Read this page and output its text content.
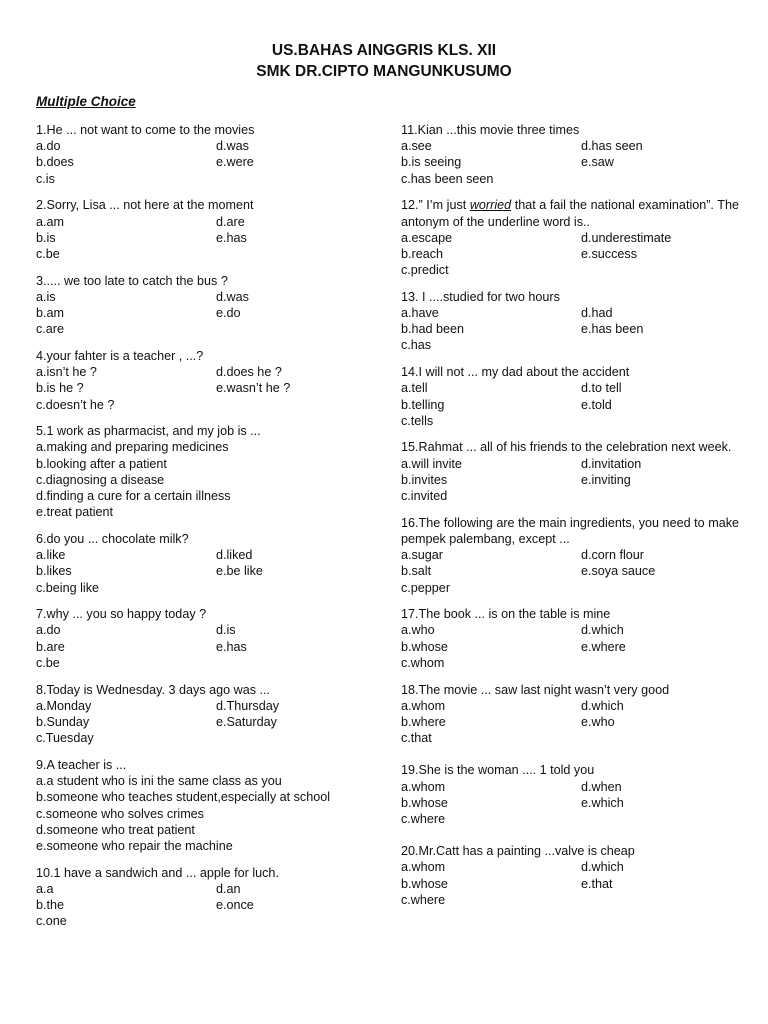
US.BAHAS AINGGRIS KLS. XII
SMK DR.CIPTO MANGUNKUSUMO
Multiple Choice
1.He ... not want to come to the movies
a.do	d.was
b.does	e.were
c.is
2.Sorry, Lisa ... not here at the moment
a.am	d.are
b.is	e.has
c.be
3..... we too late to catch the bus ?
a.is	d.was
b.am	e.do
c.are
4.your fahter is a teacher , ...?
a.isn’t he ?	d.does he ?
b.is he ?	e.wasn’t he ?
c.doesn’t he ?
5.1 work as pharmacist, and my job is ...
a.making and preparing medicines
b.looking after a patient
c.diagnosing a disease
d.finding a cure for a certain illness
e.treat patient
6.do you ... chocolate milk?
a.like	d.liked
b.likes	e.be like
c.being like
7.why ... you so happy today ?
a.do	d.is
b.are	e.has
c.be
8.Today is Wednesday. 3 days ago was ...
a.Monday	d.Thursday
b.Sunday	e.Saturday
c.Tuesday
9.A teacher is ...
a.a student who is ini the same class as you
b.someone who teaches student,especially at school
c.someone who solves crimes
d.someone who treat patient
e.someone who repair the machine
10.1 have a sandwich and ... apple for luch.
a.a	d.an
b.the	e.once
c.one
11.Kian ...this movie three times
a.see	d.has seen
b.is seeing	e.saw
c.has been seen
12.” I’m just worried that a fail the national examination”. The antonym of the underline word is..
a.escape	d.underestimate
b.reach	e.success
c.predict
13. I ....studied for two hours
a.have	d.had
b.had been	e.has been
c.has
14.I will not ... my dad about the accident
a.tell	d.to tell
b.telling	e.told
c.tells
15.Rahmat ... all of his friends to the celebration next week.
a.will invite	d.invitation
b.invites	e.inviting
c.invited
16.The following are the main ingredients, you need to make pempek palembang, except ...
a.sugar	d.corn flour
b.salt	e.soya sauce
c.pepper
17.The book ... is on the table is mine
a.who	d.which
b.whose	e.where
c.whom
18.The movie ... saw last night wasn’t very good
a.whom	d.which
b.where	e.who
c.that
19.She is the woman .... 1 told you
a.whom	d.when
b.whose	e.which
c.where
20.Mr.Catt has a painting ...valve is cheap
a.whom	d.which
b.whose	e.that
c.where
